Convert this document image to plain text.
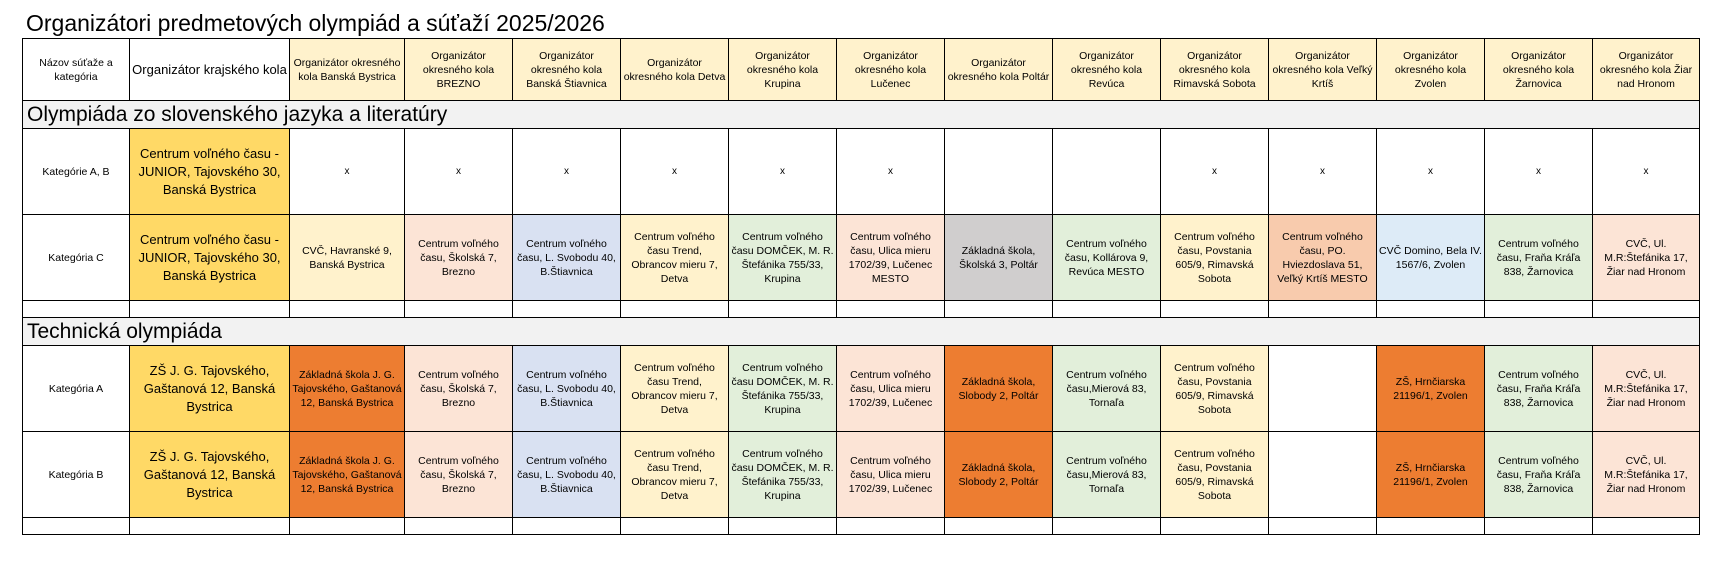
Organizátori predmetových olympiád a súťaží 2025/2026
Názov súťaže a kategória	Organizátor krajského kola	Organizátor okresného kola Banská Bystrica	Organizátor okresného kola BREZNO	Organizátor okresného kola Banská Štiavnica	Organizátor okresného kola Detva	Organizátor okresného kola Krupina	Organizátor okresného kola Lučenec	Organizátor okresného kola Poltár	Organizátor okresného kola Revúca	Organizátor okresného kola Rimavská Sobota	Organizátor okresného kola Veľký Krtíš	Organizátor okresného kola Zvolen	Organizátor okresného kola Žarnovica	Organizátor okresného kola Žiar nad Hronom
Olympiáda zo slovenského jazyka a literatúry														
Kategórie A, B	Centrum voľného času - JUNIOR, Tajovského 30, Banská Bystrica	x	x	x	x	x	x			x	x	x	x	x
Kategória C	Centrum voľného času - JUNIOR, Tajovského 30, Banská Bystrica	CVČ, Havranské 9, Banská Bystrica	Centrum voľného času, Školská 7, Brezno	Centrum voľného času, L. Svobodu 40, B.Štiavnica	Centrum voľného času Trend, Obrancov mieru 7, Detva	Centrum voľného času DOMČEK, M. R. Štefánika 755/33, Krupina	Centrum voľného času, Ulica mieru 1702/39, Lučenec MESTO	Základná škola, Školská 3, Poltár	Centrum voľného času, Kollárova 9, Revúca MESTO	Centrum voľného času, Povstania 605/9, Rimavská Sobota	Centrum voľného času, PO. Hviezdoslava 51, Veľký Krtíš MESTO	CVČ Domino, Bela IV. 1567/6, Zvolen	Centrum voľného času, Fraňa Kráľa 838, Žarnovica	CVČ, Ul. M.R:Štefánika 17, Žiar nad Hronom

Technická olympiáda														
Kategória A	ZŠ J. G. Tajovského, Gaštanová 12, Banská Bystrica	Základná škola J. G. Tajovského, Gaštanová 12, Banská Bystrica	Centrum voľného času, Školská 7, Brezno	Centrum voľného času, L. Svobodu 40, B.Štiavnica	Centrum voľného času Trend, Obrancov mieru 7, Detva	Centrum voľného času DOMČEK, M. R. Štefánika 755/33, Krupina	Centrum voľného času, Ulica mieru 1702/39, Lučenec	Základná škola, Slobody 2, Poltár	Centrum voľného času,Mierová 83, Tornaľa	Centrum voľného času, Povstania 605/9, Rimavská Sobota		ZŠ, Hrnčiarska 21196/1, Zvolen	Centrum voľného času, Fraňa Kráľa 838, Žarnovica	CVČ, Ul. M.R:Štefánika 17, Žiar nad Hronom
Kategória B	ZŠ J. G. Tajovského, Gaštanová 12, Banská Bystrica	Základná škola J. G. Tajovského, Gaštanová 12, Banská Bystrica	Centrum voľného času, Školská 7, Brezno	Centrum voľného času, L. Svobodu 40, B.Štiavnica	Centrum voľného času Trend, Obrancov mieru 7, Detva	Centrum voľného času DOMČEK, M. R. Štefánika 755/33, Krupina	Centrum voľného času, Ulica mieru 1702/39, Lučenec	Základná škola, Slobody 2, Poltár	Centrum voľného času,Mierová 83, Tornaľa	Centrum voľného času, Povstania 605/9, Rimavská Sobota		ZŠ, Hrnčiarska 21196/1, Zvolen	Centrum voľného času, Fraňa Kráľa 838, Žarnovica	CVČ, Ul. M.R:Štefánika 17, Žiar nad Hronom
